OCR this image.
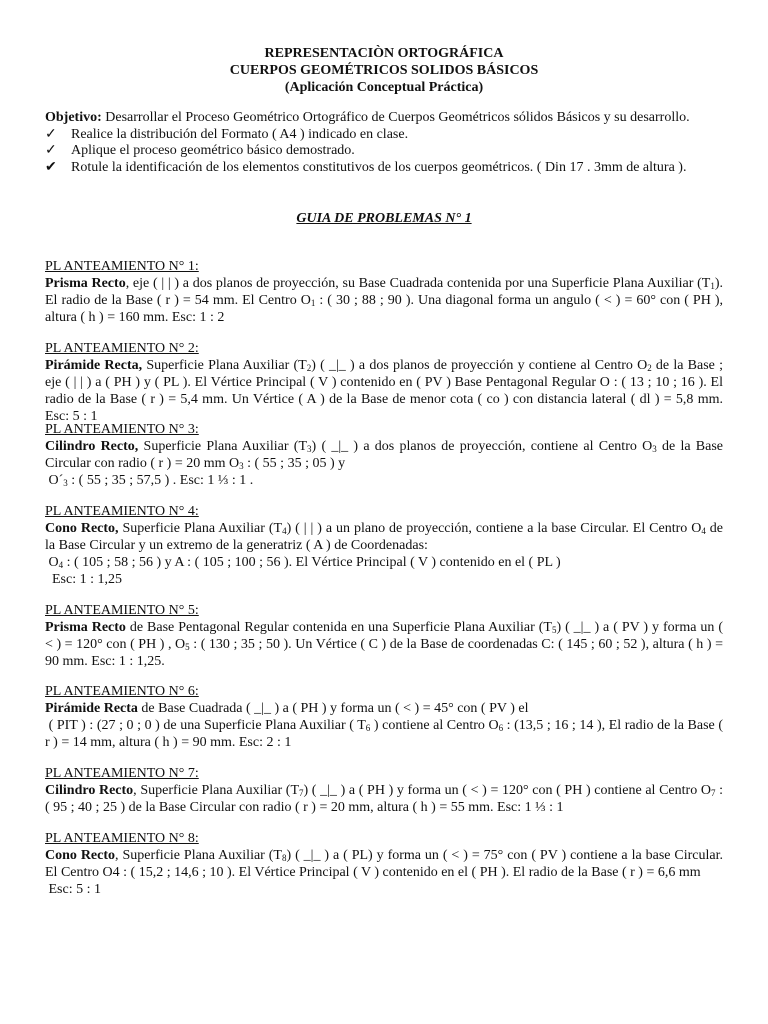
REPRESENTACIÒN ORTOGRÁFICA
CUERPOS GEOMÉTRICOS SOLIDOS BÁSICOS
(Aplicación Conceptual Práctica)
Objetivo: Desarrollar el Proceso Geométrico Ortográfico de Cuerpos Geométricos sólidos Básicos y su desarrollo.
✓ Realice la distribución del Formato ( A4 ) indicado en clase.
✓ Aplique el proceso geométrico básico demostrado.
✔ Rotule la identificación de los elementos constitutivos de los cuerpos geométricos. ( Din 17 . 3mm de altura ).
GUIA DE PROBLEMAS N° 1
PL ANTEAMIENTO N° 1:
Prisma Recto, eje ( | | ) a dos planos de proyección, su Base Cuadrada contenida por una Superficie Plana Auxiliar $(T_1)$. El radio de la Base ( r ) = 54 mm. El Centro $O_1$ : ( 30 ; 88 ; 90 ). Una diagonal forma un angulo ( < ) = 60° con ( PH ), altura ( h ) = 160 mm. Esc: 1 : 2
PL ANTEAMIENTO N° 2:
Pirámide Recta, Superficie Plana Auxiliar $(T_2)$ ( _|_ ) a dos planos de proyección y contiene al Centro $O_2$ de la Base ; eje ( | | ) a ( PH ) y ( PL ). El Vértice Principal ( V ) contenido en ( PV ) Base Pentagonal Regular O : ( 13 ; 10 ; 16 ). El radio de la Base ( r ) = 5,4 mm. Un Vértice ( A ) de la Base de menor cota ( co ) con distancia lateral ( dl ) = 5,8 mm. Esc: 5 : 1
PL ANTEAMIENTO N° 3:
Cilindro Recto, Superficie Plana Auxiliar $(T_3)$ ( _|_ ) a dos planos de proyección, contiene al Centro $O_3$ de la Base Circular con radio ( r ) = 20 mm $O_3$ : ( 55 ; 35 ; 05 ) y
$O´_3$ : ( 55 ; 35 ; 57,5 ) . Esc: 1 ⅓ : 1 .
PL ANTEAMIENTO N° 4:
Cono Recto, Superficie Plana Auxiliar $(T_4)$ ( | | ) a un plano de proyección, contiene a la base Circular. El Centro $O_4$ de la Base Circular y un extremo de la generatriz ( A ) de Coordenadas:
$O_4$ : ( 105 ; 58 ; 56 ) y A : ( 105 ; 100 ; 56 ). El Vértice Principal ( V ) contenido en el ( PL )
Esc: 1 : 1,25
PL ANTEAMIENTO N° 5:
Prisma Recto de Base Pentagonal Regular contenida en una Superficie Plana Auxiliar $(T_5)$ ( _|_ ) a ( PV ) y forma un ( < ) = 120° con ( PH ) , $O_5$ : ( 130 ; 35 ; 50 ). Un Vértice ( C ) de la Base de coordenadas C: ( 145 ; 60 ; 52 ), altura ( h ) = 90 mm. Esc: 1 : 1,25.
PL ANTEAMIENTO N° 6:
Pirámide Recta de Base Cuadrada ( _|_ ) a ( PH ) y forma un ( < ) = 45° con ( PV ) el
( PIT ) : (27 ; 0 ; 0 ) de una Superficie Plana Auxiliar ( $T_6$ ) contiene al Centro $O_6$ : (13,5 ; 16 ; 14 ), El radio de la Base ( r ) = 14 mm, altura ( h ) = 90 mm. Esc: 2 : 1
PL ANTEAMIENTO N° 7:
Cilindro Recto, Superficie Plana Auxiliar $(T_7)$ ( _|_ ) a ( PH ) y forma un ( < ) = 120° con ( PH ) contiene al Centro $O_7$ : ( 95 ; 40 ; 25 ) de la Base Circular con radio ( r ) = 20 mm, altura ( h ) = 55 mm. Esc: 1 ⅓ : 1
PL ANTEAMIENTO N° 8:
Cono Recto, Superficie Plana Auxiliar $(T_8)$ ( _|_ ) a ( PL) y forma un ( < ) = 75° con ( PV ) contiene a la base Circular. El Centro O4 : ( 15,2 ; 14,6 ; 10 ). El Vértice Principal ( V ) contenido en el ( PH ). El radio de la Base ( r ) = 6,6 mm
Esc: 5 : 1
